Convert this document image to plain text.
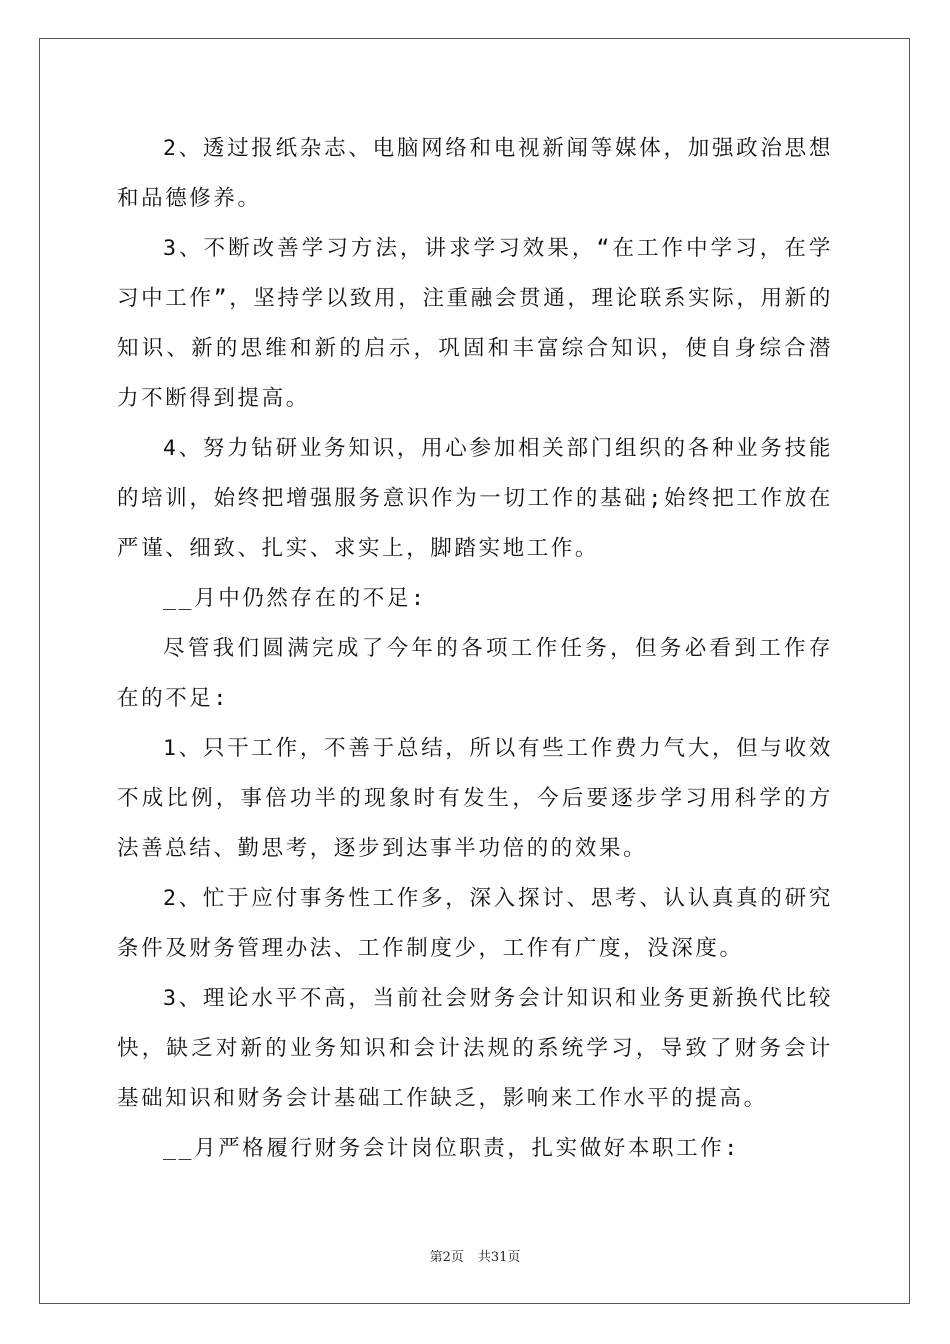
2、透过报纸杂志、电脑网络和电视新闻等媒体，加强政治思想和品德修养。

3、不断改善学习方法，讲求学习效果，“在工作中学习，在学习中工作”，坚持学以致用，注重融会贯通，理论联系实际，用新的知识、新的思维和新的启示，巩固和丰富综合知识，使自身综合潜力不断得到提高。

4、努力钻研业务知识，用心参加相关部门组织的各种业务技能的培训，始终把增强服务意识作为一切工作的基础;始终把工作放在严谨、细致、扎实、求实上，脚踏实地工作。

__月中仍然存在的不足:

尽管我们圆满完成了今年的各项工作任务，但务必看到工作存在的不足:

1、只干工作，不善于总结，所以有些工作费力气大，但与收效不成比例，事倍功半的现象时有发生，今后要逐步学习用科学的方法善总结、勤思考，逐步到达事半功倍的的效果。

2、忙于应付事务性工作多，深入探讨、思考、认认真真的研究条件及财务管理办法、工作制度少，工作有广度，没深度。

3、理论水平不高，当前社会财务会计知识和业务更新换代比较快，缺乏对新的业务知识和会计法规的系统学习，导致了财务会计基础知识和财务会计基础工作缺乏，影响来工作水平的提高。

__月严格履行财务会计岗位职责，扎实做好本职工作:

第2页 共31页
